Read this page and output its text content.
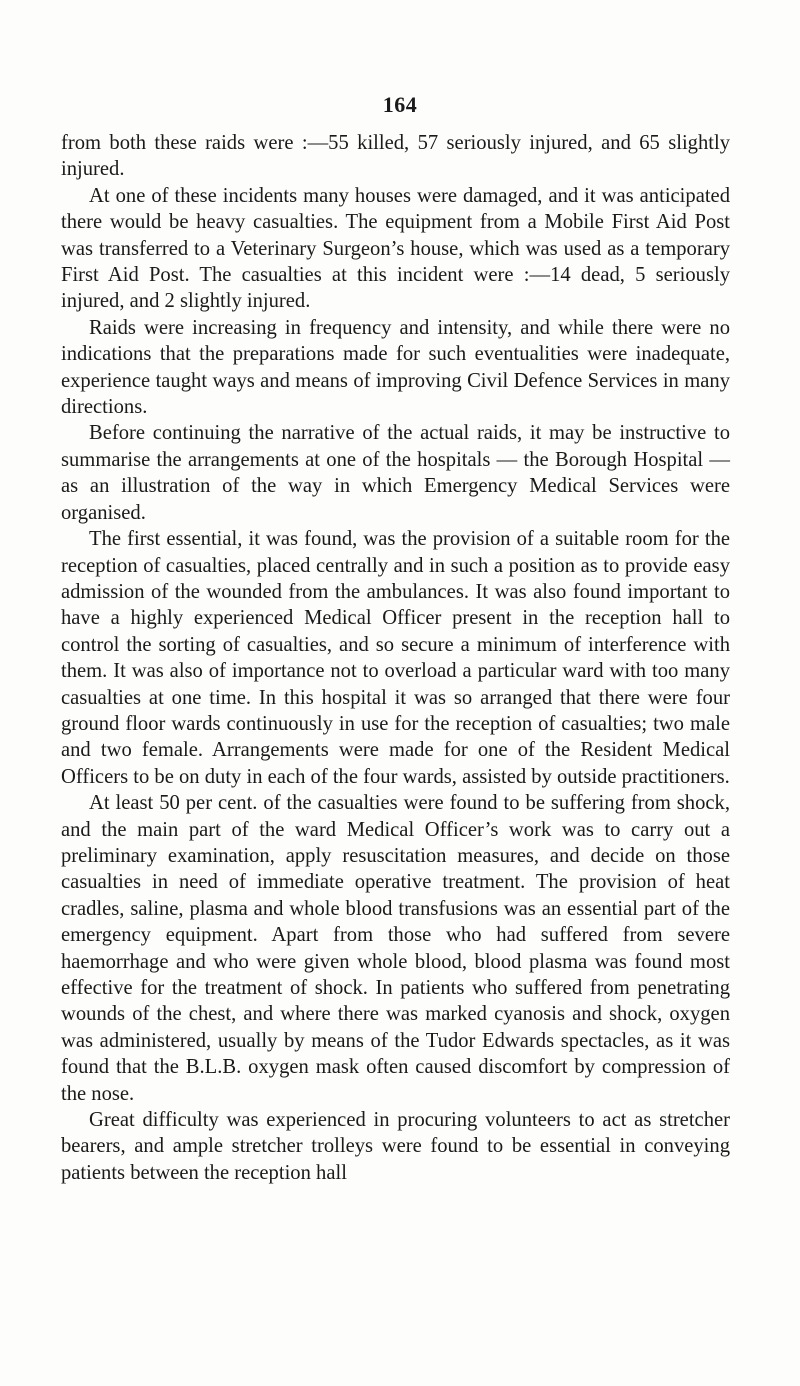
164

from both these raids were :—55 killed, 57 seriously injured, and 65 slightly injured.

At one of these incidents many houses were damaged, and it was anticipated there would be heavy casualties. The equipment from a Mobile First Aid Post was transferred to a Veterinary Surgeon’s house, which was used as a temporary First Aid Post. The casualties at this incident were :—14 dead, 5 seriously injured, and 2 slightly injured.

Raids were increasing in frequency and intensity, and while there were no indications that the preparations made for such eventualities were inadequate, experience taught ways and means of improving Civil Defence Services in many directions.

Before continuing the narrative of the actual raids, it may be instructive to summarise the arrangements at one of the hospitals — the Borough Hospital — as an illustration of the way in which Emergency Medical Services were organised.

The first essential, it was found, was the provision of a suitable room for the reception of casualties, placed centrally and in such a position as to provide easy admission of the wounded from the ambulances. It was also found important to have a highly experienced Medical Officer present in the reception hall to control the sorting of casualties, and so secure a minimum of interference with them. It was also of importance not to overload a particular ward with too many casualties at one time. In this hospital it was so arranged that there were four ground floor wards continuously in use for the reception of casualties; two male and two female. Arrangements were made for one of the Resident Medical Officers to be on duty in each of the four wards, assisted by outside practitioners.

At least 50 per cent. of the casualties were found to be suffering from shock, and the main part of the ward Medical Officer’s work was to carry out a preliminary examination, apply resuscitation measures, and decide on those casualties in need of immediate operative treatment. The provision of heat cradles, saline, plasma and whole blood transfusions was an essential part of the emergency equipment. Apart from those who had suffered from severe haemorrhage and who were given whole blood, blood plasma was found most effective for the treatment of shock. In patients who suffered from penetrating wounds of the chest, and where there was marked cyanosis and shock, oxygen was administered, usually by means of the Tudor Edwards spectacles, as it was found that the B.L.B. oxygen mask often caused discomfort by compression of the nose.

Great difficulty was experienced in procuring volunteers to act as stretcher bearers, and ample stretcher trolleys were found to be essential in conveying patients between the reception hall
